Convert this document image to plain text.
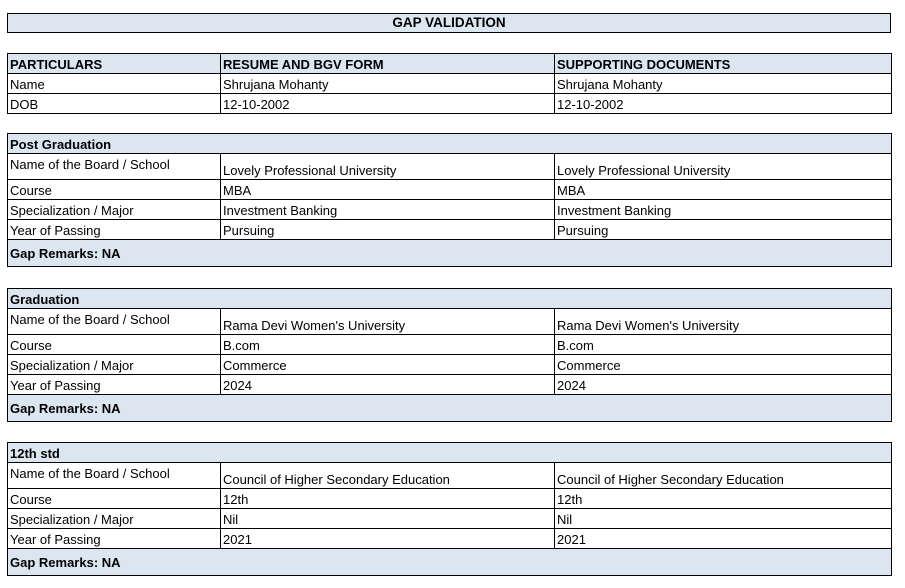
GAP VALIDATION
PARTICULARS	RESUME AND BGV FORM	SUPPORTING DOCUMENTS
Name	Shrujana Mohanty	Shrujana Mohanty
DOB	12-10-2002	12-10-2002
Post Graduation		
Name of the Board / School	Lovely Professional University	Lovely Professional University
Course	MBA	MBA
Specialization / Major	Investment Banking	Investment Banking
Year of Passing	Pursuing	Pursuing
Gap Remarks: NA		
Graduation		
Name of the Board / School	Rama Devi Women's University	Rama Devi Women's University
Course	B.com	B.com
Specialization / Major	Commerce	Commerce
Year of Passing	2024	2024
Gap Remarks: NA		
12th std		
Name of the Board / School	Council of Higher Secondary Education	Council of Higher Secondary Education
Course	12th	12th
Specialization / Major	Nil	Nil
Year of Passing	2021	2021
Gap Remarks: NA		
